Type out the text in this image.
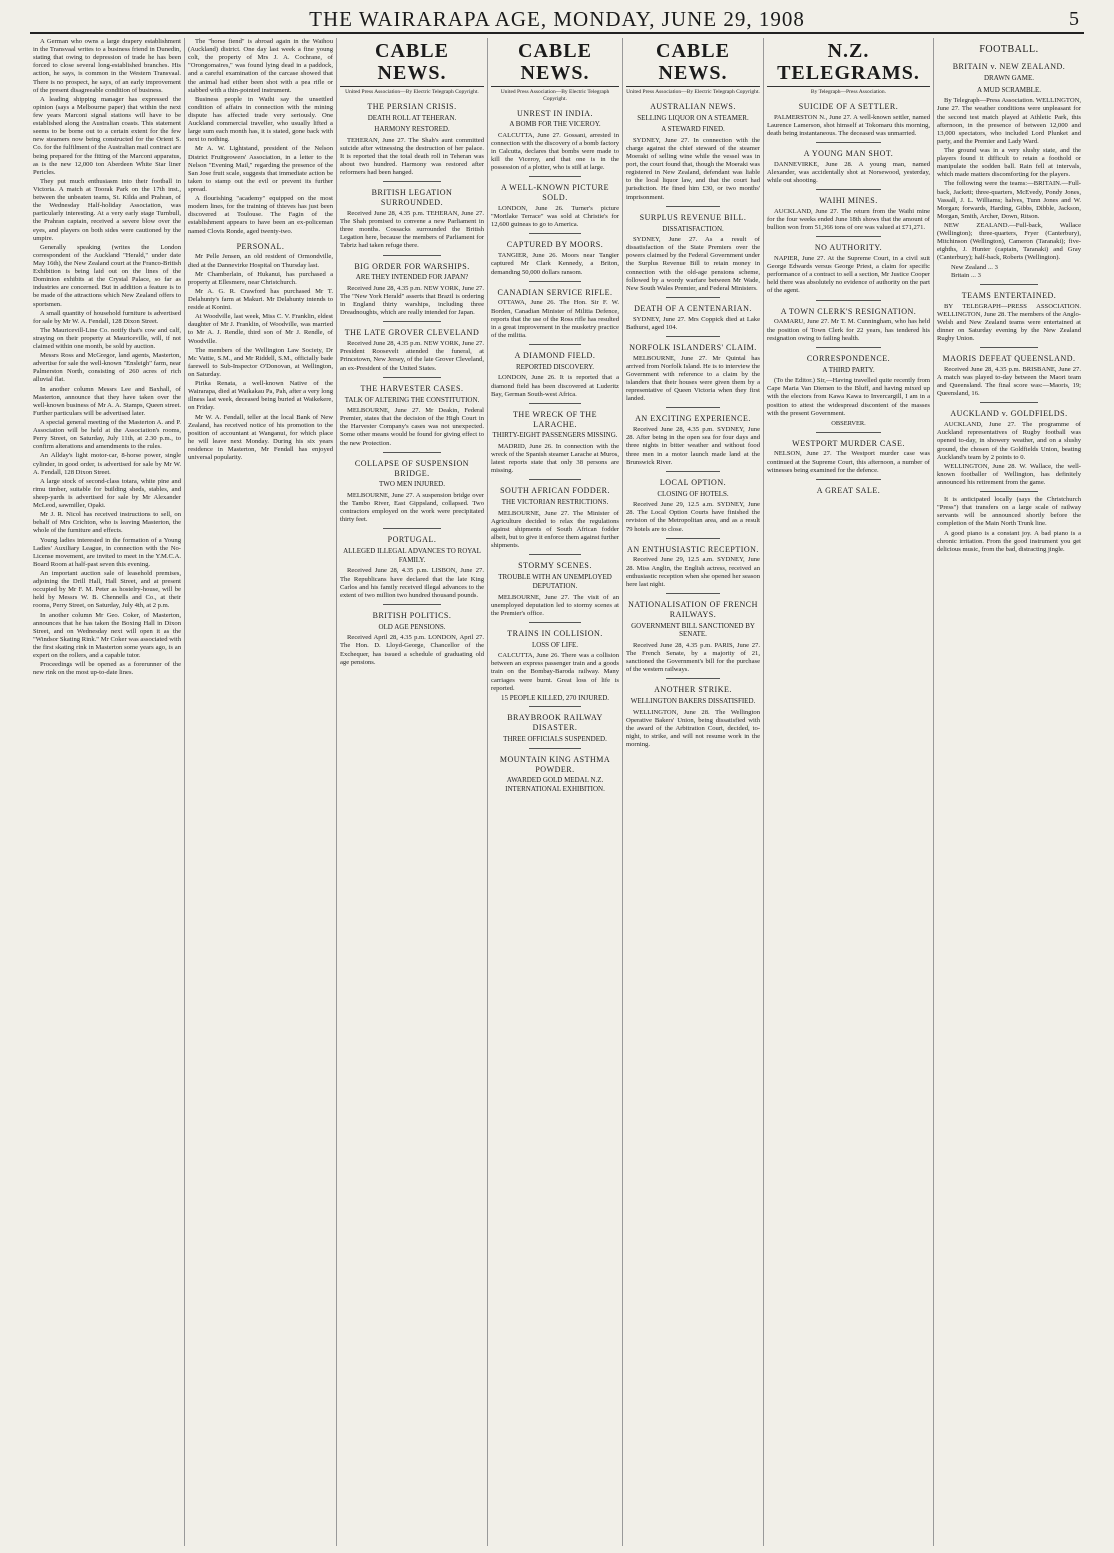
THE WAIRARAPA AGE, MONDAY, JUNE 29, 1908	5

A German who owns a large drapery establishment in the Transvaal writes to a business friend in Dunedin, stating that owing to depression of trade he has been forced to close several long-established branches. His action, he says, is common in the Western Transvaal. There is no prospect, he says, of an early improvement of the present disagreeable condition of business.

A leading shipping manager has expressed the opinion (says a Melbourne paper) that within the next few years Marconi signal stations will have to be established along the Australian coasts. This statement seems to be borne out to a certain extent for the few new steamers now being constructed for the Orient S. Co. for the fulfilment of the Australian mail contract are being prepared for the fitting of the Marconi apparatus, as is the new 12,000 ton Aberdeen White Star liner Pericles.

They put much enthusiasm into their football in Victoria. A match at Toorak Park on the 17th inst., between the unbeaten teams, St. Kilda and Prahran, of the Wednesday Half-holiday Association, was particularly interesting. At a very early stage Turnbull, the Prahran captain, received a severe blow over the eyes, and players on both sides were cautioned by the umpire.

Generally speaking (writes the London correspondent of the Auckland "Herald," under date May 16th), the New Zealand court at the Franco-British Exhibition is being laid out on the lines of the Dominion exhibits at the Crystal Palace, so far as industries are concerned. But in addition a feature is to be made of the attractions which New Zealand offers to sportsmen.

A small quantity of household furniture is advertised for sale by Mr W. A. Fendall, 128 Dixon Street.

The Mauricevill-Line Co. notify that's cow and calf, straying on their property at Mauriceville, will, if not claimed within one month, be sold by auction.

Messrs Ross and McGregor, land agents, Masterton, advertise for sale the well-known "Ensleigh" farm, near Palmerston North, consisting of 260 acres of rich alluvial flat.

In another column Messrs Lee and Baxhall, of Masterton, announce that they have taken over the well-known business of Mr A. A. Stamps, Queen street. Further particulars will be advertised later.

A special general meeting of the Masterton A. and P. Association will be held at the Association's rooms, Perry Street, on Saturday, July 11th, at 2.30 p.m., to confirm alterations and amendments to the rules.

An Allday's light motor-car, 8-horse power, single cylinder, in good order, is advertised for sale by Mr W. A. Fendall, 128 Dixon Street.

A large stock of second-class totara, white pine and rimu timber, suitable for building sheds, stables, and sheep-yards is advertised for sale by Mr Alexander McLeod, sawmiller, Opaki.

Mr J. R. Nicol has received instructions to sell, on behalf of Mrs Crichton, who is leaving Masterton, the whole of the furniture and effects.

Young ladies interested in the formation of a Young Ladies' Auxiliary League, in connection with the No-License movement, are invited to meet in the Y.M.C.A. Board Room at half-past seven this evening.

An important auction sale of leasehold premises, adjoining the Drill Hall, Hall Street, and at present occupied by Mr F. M. Peter as hostelry-house, will be held by Messrs W. B. Chennells and Co., at their rooms, Perry Street, on Saturday, July 4th, at 2 p.m.

In another column Mr Geo. Coker, of Masterton, announces that he has taken the Boxing Hall in Dixon Street, and on Wednesday next will open it as the "Windsor Skating Rink." Mr Coker was associated with the first skating rink in Masterton some years ago, is an expert on the rollers, and a capable tutor.

Proceedings will be opened as a forerunner of the new rink on the most up-to-date lines.

The "horse fiend" is abroad again in the Waihou (Auckland) district. One day last week a fine young colt, the property of Mrs J. A. Cochrane, of "Orongomaires," was found lying dead in a paddock, and a careful examination of the carcase showed that the animal had either been shot with a pea rifle or stabbed with a thin-pointed instrument.

Business people in Waihi say the unsettled condition of affairs in connection with the mining dispute has affected trade very seriously. One Auckland commercial traveller, who usually lifted a large sum each month has, it is stated, gone back with next to nothing.

Mr A. W. Lightstand, president of the Nelson District Fruitgrowers' Association, in a letter to the Nelson "Evening Mail," regarding the presence of the San Jose fruit scale, suggests that immediate action be taken to stamp out the evil or prevent its further spread.

A flourishing "academy" equipped on the most modern lines, for the training of thieves has just been discovered at Toulouse. The Fagin of the establishment appears to have been an ex-policeman named Clovis Ronde, aged twenty-two.

PERSONAL.

Mr Pelle Jensen, an old resident of Ormondville, died at the Dannevirke Hospital on Thursday last.

Mr Chamberlain, of Hukanui, has purchased a property at Ellesmere, near Christchurch.

Mr A. G. R. Crawford has purchased Mr T. Delahunty's farm at Makuri. Mr Delahunty intends to reside at Konini.

At Woodville, last week, Miss C. V. Franklin, eldest daughter of Mr J. Franklin, of Woodville, was married to Mr A. J. Rendle, third son of Mr J. Rendle, of Woodville.

The members of the Wellington Law Society, Dr Mc Vattie, S.M., and Mr Riddell, S.M., officially bade farewell to Sub-Inspector O'Donovan, at Wellington, on Saturday.

Pirika Renata, a well-known Native of the Wairarapa, died at Waikakau Pa, Pah, after a very long illness last week, deceased being buried at Waikekere, on Friday.

Mr W. A. Fendall, teller at the local Bank of New Zealand, has received notice of his promotion to the position of accountant at Wanganui, for which place he will leave next Monday. During his six years residence in Masterton, Mr Fendall has enjoyed universal popularity.

CABLE NEWS.
United Press Association—By Electric Telegraph Copyright.
THE PERSIAN CRISIS.
DEATH ROLL AT TEHERAN.
HARMONY RESTORED.

TEHERAN, June 27. The Shah's aunt committed suicide after witnessing the destruction of her palace. It is reported that the total death roll in Teheran was about two hundred. Harmony was restored after reformers had been hanged.

BRITISH LEGATION SURROUNDED.

Received June 28, 4.35 p.m. TEHERAN, June 27. The Shah promised to convene a new Parliament in three months. Cossacks surrounded the British Legation here, because the members of Parliament for Tabriz had taken refuge there.

BIG ORDER FOR WARSHIPS.
ARE THEY INTENDED FOR JAPAN?

Received June 28, 4.35 p.m. NEW YORK, June 27. The "New York Herald" asserts that Brazil is ordering in England thirty warships, including three Dreadnoughts, which are really intended for Japan.

THE LATE GROVER CLEVELAND

Received June 28, 4.35 p.m. NEW YORK, June 27. President Roosevelt attended the funeral, at Princetown, New Jersey, of the late Grover Cleveland, an ex-President of the United States.

THE HARVESTER CASES.
TALK OF ALTERING THE CONSTITUTION.

MELBOURNE, June 27. Mr Deakin, Federal Premier, states that the decision of the High Court in the Harvester Company's cases was not unexpected. Some other means would be found for giving effect to the new Protection.

COLLAPSE OF SUSPENSION BRIDGE.
TWO MEN INJURED.

MELBOURNE, June 27. A suspension bridge over the Tambo River, East Gippsland, collapsed. Two contractors employed on the work were precipitated thirty feet.

PORTUGAL.
ALLEGED ILLEGAL ADVANCES TO ROYAL FAMILY.

Received June 28, 4.35 p.m. LISBON, June 27. The Republicans have declared that the late King Carlos and his family received illegal advances to the extent of two million two hundred thousand pounds.

BRITISH POLITICS.
OLD AGE PENSIONS.

Received April 28, 4.35 p.m. LONDON, April 27. The Hon. D. Lloyd-George, Chancellor of the Exchequer, has issued a schedule of graduating old age pensions.

CABLE NEWS.
United Press Association—By Electric Telegraph Copyright.
UNREST IN INDIA.
A BOMB FOR THE VICEROY.

CALCUTTA, June 27. Gossani, arrested in connection with the discovery of a bomb factory in Calcutta, declares that bombs were made to kill the Viceroy, and that one is in the possession of a plotter, who is still at large.

A WELL-KNOWN PICTURE SOLD.

LONDON, June 26. Turner's picture "Mortlake Terrace" was sold at Christie's for 12,600 guineas to go to America.

CAPTURED BY MOORS.

TANGIER, June 26. Moors near Tangier captured Mr Clark Kennedy, a Briton, demanding 50,000 dollars ransom.

CANADIAN SERVICE RIFLE.

OTTAWA, June 26. The Hon. Sir F. W. Borden, Canadian Minister of Militia Defence, reports that the use of the Ross rifle has resulted in a great improvement in the musketry practice of the militia.

A DIAMOND FIELD.
REPORTED DISCOVERY.

LONDON, June 26. It is reported that a diamond field has been discovered at Luderitz Bay, German South-west Africa.

THE WRECK OF THE LARACHE.
THIRTY-EIGHT PASSENGERS MISSING.

MADRID, June 26. In connection with the wreck of the Spanish steamer Larache at Muros, latest reports state that only 38 persons are missing.

SOUTH AFRICAN FODDER.
THE VICTORIAN RESTRICTIONS.

MELBOURNE, June 27. The Minister of Agriculture decided to relax the regulations against shipments of South African fodder albeit, but to give it enforce them against further shipments.

STORMY SCENES.
TROUBLE WITH AN UNEMPLOYED DEPUTATION.

MELBOURNE, June 27. The visit of an unemployed deputation led to stormy scenes at the Premier's office.

TRAINS IN COLLISION.
LOSS OF LIFE.

CALCUTTA, June 26. There was a collision between an express passenger train and a goods train on the Bombay-Baroda railway. Many carriages were burnt. Great loss of life is reported.

15 PEOPLE KILLED, 270 INJURED.
BRAYBROOK RAILWAY DISASTER.
THREE OFFICIALS SUSPENDED.
MOUNTAIN KING ASTHMA POWDER.
AWARDED GOLD MEDAL N.Z. INTERNATIONAL EXHIBITION.
CABLE NEWS.
United Press Association—By Electric Telegraph Copyright.
AUSTRALIAN NEWS.
SELLING LIQUOR ON A STEAMER.
A STEWARD FINED.

SYDNEY, June 27. In connection with the charge against the chief steward of the steamer Moeraki of selling wine while the vessel was in port, the court found that, though the Moeraki was registered in New Zealand, defendant was liable to the local liquor law, and that the court had jurisdiction. He fined him £30, or two months' imprisonment.

SURPLUS REVENUE BILL.
DISSATISFACTION.

SYDNEY, June 27. As a result of dissatisfaction of the State Premiers over the powers claimed by the Federal Government under the Surplus Revenue Bill to retain money in connection with the old-age pensions scheme, followed by a wordy warfare between Mr Wade, New South Wales Premier, and Federal Ministers.

DEATH OF A CENTENARIAN.

SYDNEY, June 27. Mrs Coppick died at Lake Bathurst, aged 104.

NORFOLK ISLANDERS' CLAIM.

MELBOURNE, June 27. Mr Quintal has arrived from Norfolk Island. He is to interview the Government with reference to a claim by the islanders that their houses were given them by a representative of Queen Victoria when they first landed.

AN EXCITING EXPERIENCE.

Received June 28, 4.35 p.m. SYDNEY, June 28. After being in the open sea for four days and three nights in bitter weather and without food three men in a motor launch made land at the Brunswick River.

LOCAL OPTION.
CLOSING OF HOTELS.

Received June 29, 12.5 a.m. SYDNEY, June 28. The Local Option Courts have finished the revision of the Metropolitan area, and as a result 79 hotels are to close.

AN ENTHUSIASTIC RECEPTION.

Received June 29, 12.5 a.m. SYDNEY, June 28. Miss Anglin, the English actress, received an enthusiastic reception when she opened her season here last night.

NATIONALISATION OF FRENCH RAILWAYS.
GOVERNMENT BILL SANCTIONED BY SENATE.

Received June 28, 4.35 p.m. PARIS, June 27. The French Senate, by a majority of 21, sanctioned the Government's bill for the purchase of the western railways.

ANOTHER STRIKE.
WELLINGTON BAKERS DISSATISFIED.

WELLINGTON, June 28. The Wellington Operative Bakers' Union, being dissatisfied with the award of the Arbitration Court, decided, to-night, to strike, and will not resume work in the morning.

N.Z. TELEGRAMS.
By Telegraph—Press Association.
SUICIDE OF A SETTLER.

PALMERSTON N., June 27. A well-known settler, named Laurence Lamerson, shot himself at Tokomaru this morning, death being instantaneous. The deceased was unmarried.

A YOUNG MAN SHOT.

DANNEVIRKE, June 28. A young man, named Alexander, was accidentally shot at Norsewood, yesterday, while out shooting.

WAIHI MINES.

AUCKLAND, June 27. The return from the Waihi mine for the four weeks ended June 18th shows that the amount of bullion won from 51,366 tons of ore was valued at £71,271.

NO AUTHORITY.

NAPIER, June 27. At the Supreme Court, in a civil suit George Edwards versus George Priest, a claim for specific performance of a contract to sell a section, Mr Justice Cooper held there was absolutely no evidence of authority on the part of the agent.

A TOWN CLERK'S RESIGNATION.

OAMARU, June 27. Mr T. M. Cunningham, who has held the position of Town Clerk for 22 years, has tendered his resignation owing to failing health.

CORRESPONDENCE.
A THIRD PARTY.

(To the Editor.) Sir,—Having travelled quite recently from Cape Maria Van Diemen to the Bluff, and having mixed up with the electors from Kawa Kawa to Invercargill, I am in a position to attest the widespread discontent of the masses with the present Government.

OBSERVER.
WESTPORT MURDER CASE.

NELSON, June 27. The Westport murder case was continued at the Supreme Court, this afternoon, a number of witnesses being examined for the defence.

A GREAT SALE.
FOOTBALL.
BRITAIN v. NEW ZEALAND.
DRAWN GAME.
A MUD SCRAMBLE.

By Telegraph—Press Association. WELLINGTON, June 27. The weather conditions were unpleasant for the second test match played at Athletic Park, this afternoon, in the presence of between 12,000 and 13,000 spectators, who included Lord Plunket and party, and the Premier and Lady Ward.

The ground was in a very slushy state, and the players found it difficult to retain a foothold or manipulate the sodden ball. Rain fell at intervals, which made matters discomforting for the players.

The following were the teams:—BRITAIN.—Full-back, Jackett; three-quarters, McEvedy, Pondy Jones, Vassall, J. L. Williams; halves, Tunn Jones and W. Morgan; forwards, Harding, Gibbs, Dibble, Jackson, Morgan, Smith, Archer, Down, Ritson.

NEW ZEALAND.—Full-back, Wallace (Wellington); three-quarters, Fryer (Canterbury), Mitchinson (Wellington), Cameron (Taranaki); five-eighths, J. Hunter (captain, Taranaki) and Gray (Canterbury); half-back, Roberts (Wellington).

New Zealand ... 3
Britain ... 3
TEAMS ENTERTAINED.

BY TELEGRAPH—PRESS ASSOCIATION. WELLINGTON, June 28. The members of the Anglo-Welsh and New Zealand teams were entertained at dinner on Saturday evening by the New Zealand Rugby Union.

MAORIS DEFEAT QUEENSLAND.

Received June 28, 4.35 p.m. BRISBANE, June 27. A match was played to-day between the Maori team and Queensland. The final score was:—Maoris, 19; Queensland, 16.

AUCKLAND v. GOLDFIELDS.

AUCKLAND, June 27. The programme of Auckland representatives of Rugby football was opened to-day, in showery weather, and on a slushy ground, the chosen of the Goldfields Union, beating Auckland's team by 2 points to 0.

WELLINGTON, June 28. W. Wallace, the well-known footballer of Wellington, has definitely announced his retirement from the game.

It is anticipated locally (says the Christchurch "Press") that transfers on a large scale of railway servants will be announced shortly before the completion of the Main North Trunk line.

A good piano is a constant joy. A bad piano is a chronic irritation. From the good instrument you get delicious music, from the bad, distracting jingle.
